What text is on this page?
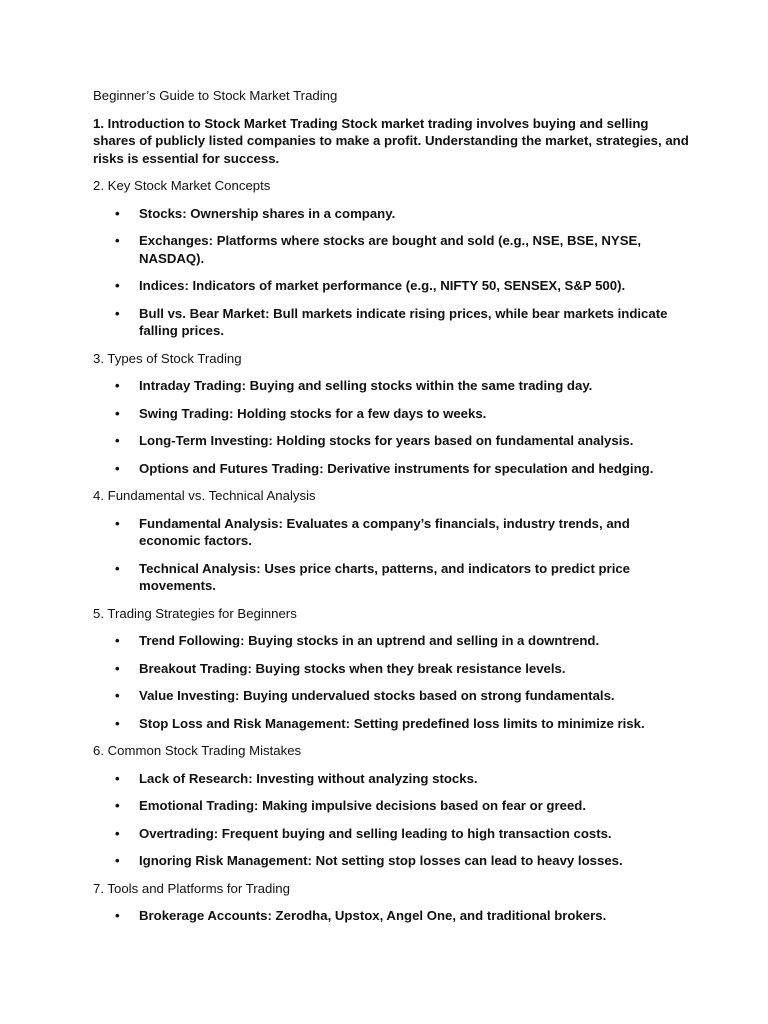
Beginner’s Guide to Stock Market Trading

1. Introduction to Stock Market Trading Stock market trading involves buying and selling shares of publicly listed companies to make a profit. Understanding the market, strategies, and risks is essential for success.

2. Key Stock Market Concepts

• Stocks: Ownership shares in a company.
• Exchanges: Platforms where stocks are bought and sold (e.g., NSE, BSE, NYSE, NASDAQ).
• Indices: Indicators of market performance (e.g., NIFTY 50, SENSEX, S&P 500).
• Bull vs. Bear Market: Bull markets indicate rising prices, while bear markets indicate falling prices.

3. Types of Stock Trading

• Intraday Trading: Buying and selling stocks within the same trading day.
• Swing Trading: Holding stocks for a few days to weeks.
• Long-Term Investing: Holding stocks for years based on fundamental analysis.
• Options and Futures Trading: Derivative instruments for speculation and hedging.

4. Fundamental vs. Technical Analysis

• Fundamental Analysis: Evaluates a company’s financials, industry trends, and economic factors.
• Technical Analysis: Uses price charts, patterns, and indicators to predict price movements.

5. Trading Strategies for Beginners

• Trend Following: Buying stocks in an uptrend and selling in a downtrend.
• Breakout Trading: Buying stocks when they break resistance levels.
• Value Investing: Buying undervalued stocks based on strong fundamentals.
• Stop Loss and Risk Management: Setting predefined loss limits to minimize risk.

6. Common Stock Trading Mistakes

• Lack of Research: Investing without analyzing stocks.
• Emotional Trading: Making impulsive decisions based on fear or greed.
• Overtrading: Frequent buying and selling leading to high transaction costs.
• Ignoring Risk Management: Not setting stop losses can lead to heavy losses.

7. Tools and Platforms for Trading

• Brokerage Accounts: Zerodha, Upstox, Angel One, and traditional brokers.
